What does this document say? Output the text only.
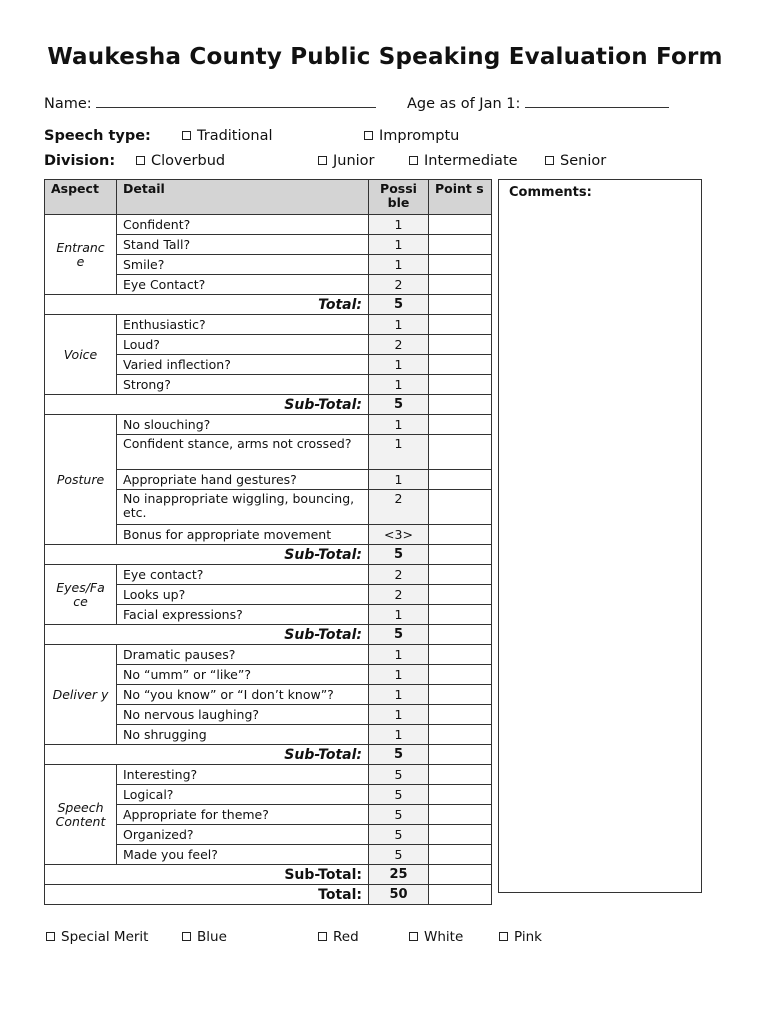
Waukesha County Public Speaking Evaluation Form
Name:	Age as of Jan 1:
Speech type:	Traditional	Impromptu
Division:	Cloverbud	Junior	Intermediate	Senior
Aspect	Detail	Possi ble	Point s
Entranc e	Confident?	1	
	Stand Tall?	1	
	Smile?	1	
	Eye Contact?	2	
Total:		5	
Voice	Enthusiastic?	1	
	Loud?	2	
	Varied inflection?	1	
	Strong?	1	
Sub-Total:		5	
Posture	No slouching?	1	
	Confident stance, arms not crossed?	1	
	Appropriate hand gestures?	1	
	No inappropriate wiggling, bouncing, etc.	2	
	Bonus for appropriate movement	<3>	
Sub-Total:		5	
Eyes/Fa ce	Eye contact?	2	
	Looks up?	2	
	Facial expressions?	1	
Sub-Total:		5	
Deliver y	Dramatic pauses?	1	
	No “umm” or “like”?	1	
	No “you know” or “I don’t know”?	1	
	No nervous laughing?	1	
	No shrugging	1	
Sub-Total:		5	
Speech Content	Interesting?	5	
	Logical?	5	
	Appropriate for theme?	5	
	Organized?	5	
	Made you feel?	5	
Sub-Total:		25	
Total:		50	
Comments:
Special Merit	Blue	Red	White	Pink
